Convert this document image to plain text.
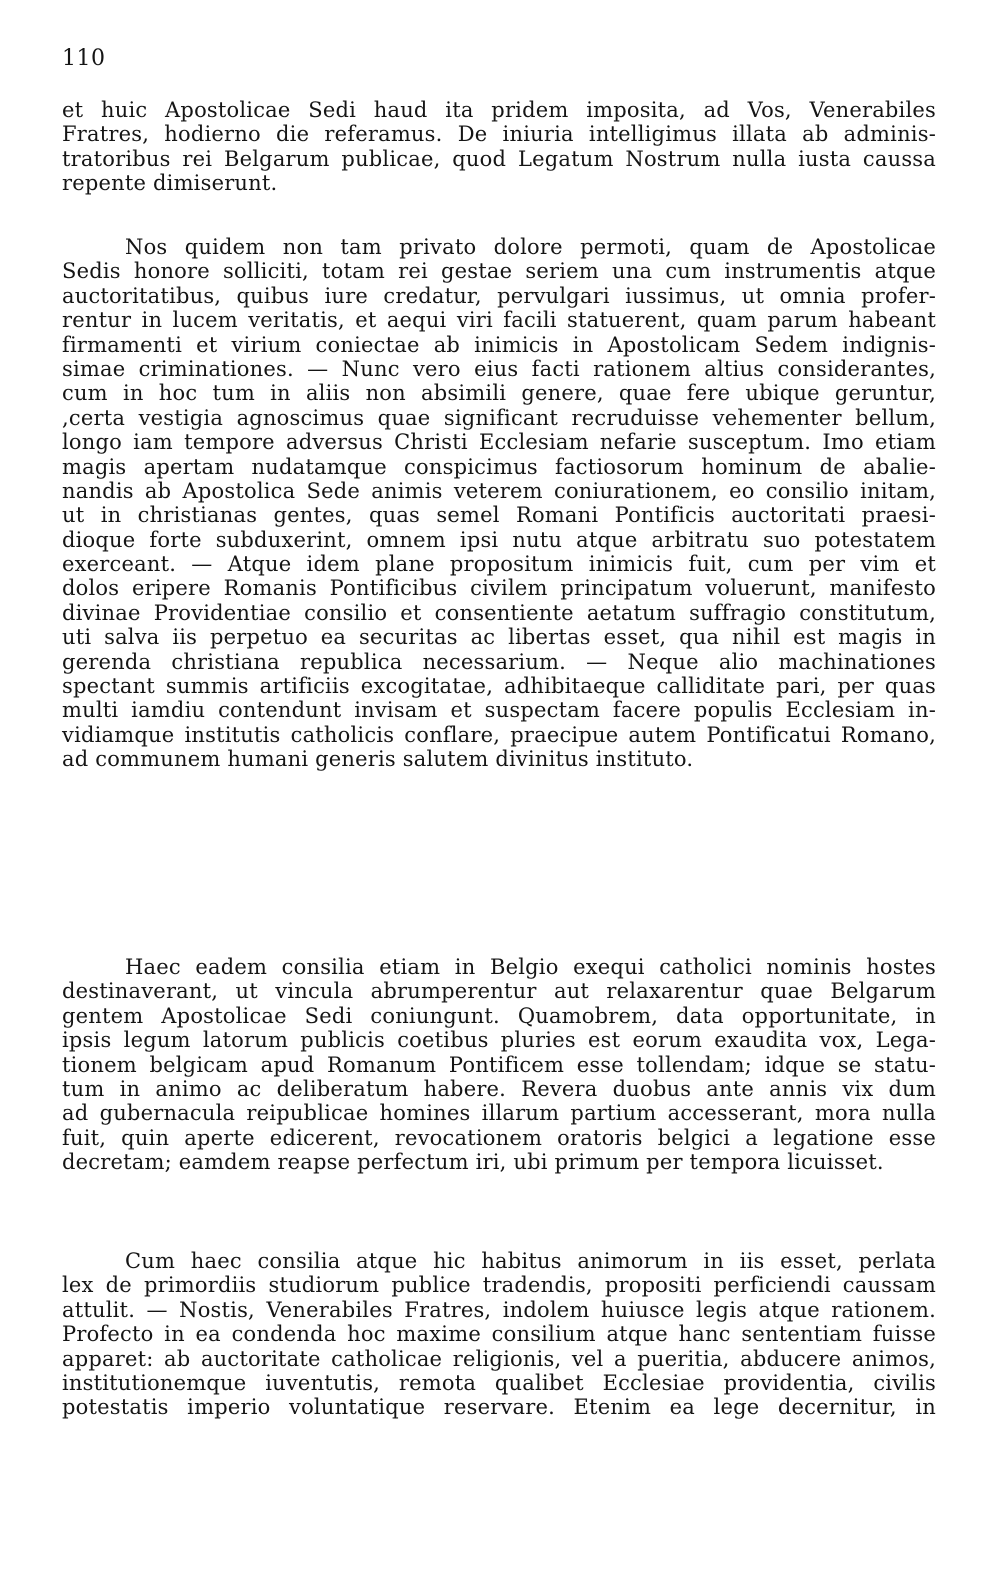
110
et huic Apostolicae Sedi haud ita pridem imposita, ad Vos, Venerabiles
Fratres, hodierno die referamus. De iniuria intelligimus illata ab adminis-
tratoribus rei Belgarum publicae, quod Legatum Nostrum nulla iusta caussa
repente dimiserunt.
Nos quidem non tam privato dolore permoti, quam de Apostolicae
Sedis honore solliciti, totam rei gestae seriem una cum instrumentis atque
auctoritatibus, quibus iure credatur, pervulgari iussimus, ut omnia profer-
rentur in lucem veritatis, et aequi viri facili statuerent, quam parum habeant
firmamenti et virium coniectae ab inimicis in Apostolicam Sedem indignis-
simae criminationes. — Nunc vero eius facti rationem altius considerantes,
cum in hoc tum in aliis non absimili genere, quae fere ubique geruntur,
,certa vestigia agnoscimus quae significant recruduisse vehementer bellum,
longo iam tempore adversus Christi Ecclesiam nefarie susceptum. Imo etiam
magis apertam nudatamque conspicimus factiosorum hominum de abalie-
nandis ab Apostolica Sede animis veterem coniurationem, eo consilio initam,
ut in christianas gentes, quas semel Romani Pontificis auctoritati praesi-
dioque forte subduxerint, omnem ipsi nutu atque arbitratu suo potestatem
exerceant. — Atque idem plane propositum inimicis fuit, cum per vim et
dolos eripere Romanis Pontificibus civilem principatum voluerunt, manifesto
divinae Providentiae consilio et consentiente aetatum suffragio constitutum,
uti salva iis perpetuo ea securitas ac libertas esset, qua nihil est magis in
gerenda christiana republica necessarium. — Neque alio machinationes
spectant summis artificiis excogitatae, adhibitaeque calliditate pari, per quas
multi iamdiu contendunt invisam et suspectam facere populis Ecclesiam in-
vidiamque institutis catholicis conflare, praecipue autem Pontificatui Romano,
ad communem humani generis salutem divinitus instituto.
Haec eadem consilia etiam in Belgio exequi catholici nominis hostes
destinaverant, ut vincula abrumperentur aut relaxarentur quae Belgarum
gentem Apostolicae Sedi coniungunt. Quamobrem, data opportunitate, in
ipsis legum latorum publicis coetibus pluries est eorum exaudita vox, Lega-
tionem belgicam apud Romanum Pontificem esse tollendam; idque se statu-
tum in animo ac deliberatum habere. Revera duobus ante annis vix dum
ad gubernacula reipublicae homines illarum partium accesserant, mora nulla
fuit, quin aperte edicerent, revocationem oratoris belgici a legatione esse
decretam; eamdem reapse perfectum iri, ubi primum per tempora licuisset.
Cum haec consilia atque hic habitus animorum in iis esset, perlata
lex de primordiis studiorum publice tradendis, propositi perficiendi caussam
attulit. — Nostis, Venerabiles Fratres, indolem huiusce legis atque rationem.
Profecto in ea condenda hoc maxime consilium atque hanc sententiam fuisse
apparet: ab auctoritate catholicae religionis, vel a pueritia, abducere animos,
institutionemque iuventutis, remota qualibet Ecclesiae providentia, civilis
potestatis imperio voluntatique reservare. Etenim ea lege decernitur, in
